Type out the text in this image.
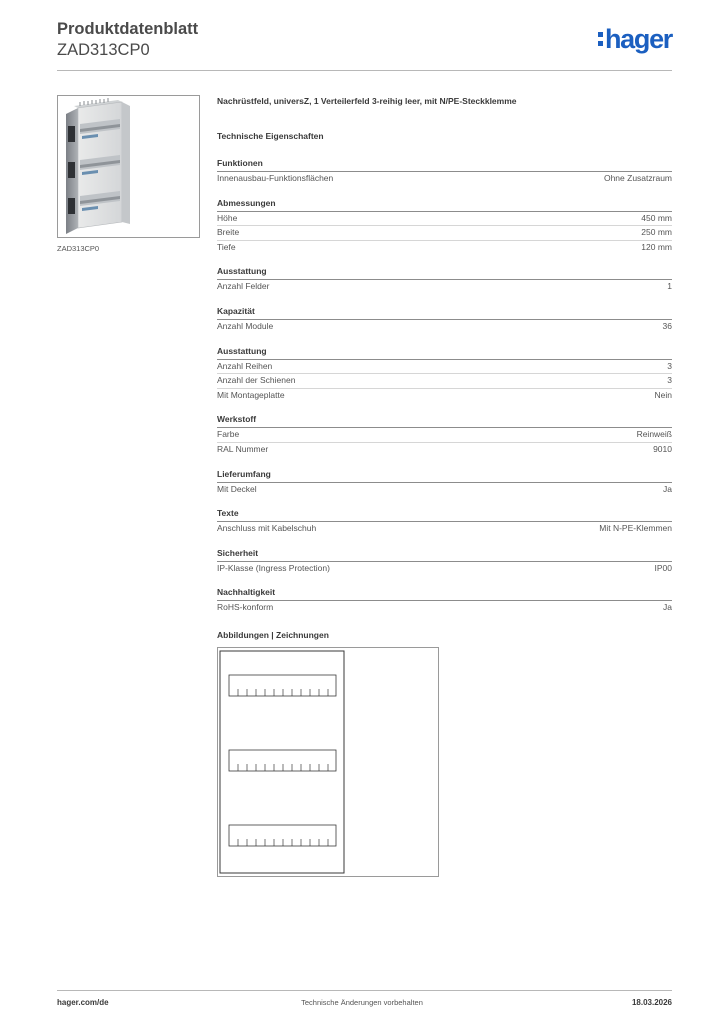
Produktdatenblatt
ZAD313CP0	hager
ZAD313CP0
Nachrüstfeld, universZ, 1 Verteilerfeld 3-reihig leer, mit N/PE-Steckklemme
Technische Eigenschaften
Funktionen
Innenausbau-Funktionsflächen	Ohne Zusatzraum
Abmessungen
Höhe	450 mm
Breite	250 mm
Tiefe	120 mm
Ausstattung
Anzahl Felder	1
Kapazität
Anzahl Module	36
Ausstattung
Anzahl Reihen	3
Anzahl der Schienen	3
Mit Montageplatte	Nein
Werkstoff
Farbe	Reinweiß
RAL Nummer	9010
Lieferumfang
Mit Deckel	Ja
Texte
Anschluss mit Kabelschuh	Mit N-PE-Klemmen
Sicherheit
IP-Klasse (Ingress Protection)	IP00
Nachhaltigkeit
RoHS-konform	Ja
Abbildungen | Zeichnungen
hager.com/de	Technische Änderungen vorbehalten	18.03.2026
